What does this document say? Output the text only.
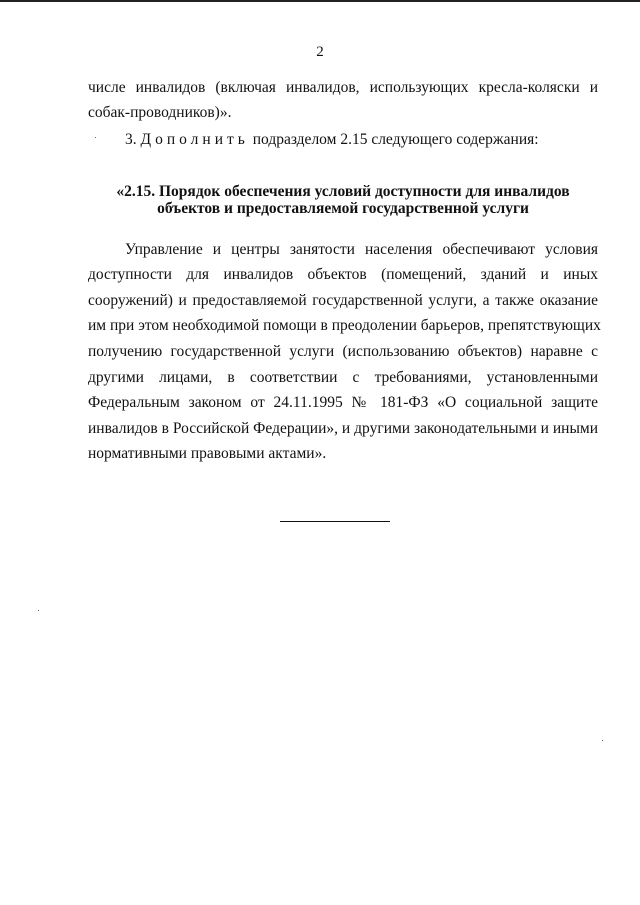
2
числе инвалидов (включая инвалидов, использующих кресла-коляски и
собак-проводников)».
3. Дополнить подразделом 2.15 следующего содержания:
«2.15. Порядок обеспечения условий доступности для инвалидов
объектов и предоставляемой государственной услуги
Управление и центры занятости населения обеспечивают условия
доступности для инвалидов объектов (помещений, зданий и иных
сооружений) и предоставляемой государственной услуги, а также оказание
им при этом необходимой помощи в преодолении барьеров, препятствующих
получению государственной услуги (использованию объектов) наравне с
другими лицами, в соответствии с требованиями, установленными
Федеральным законом от 24.11.1995 № 181-ФЗ «О социальной защите
инвалидов в Российской Федерации», и другими законодательными и иными
нормативными правовыми актами».
